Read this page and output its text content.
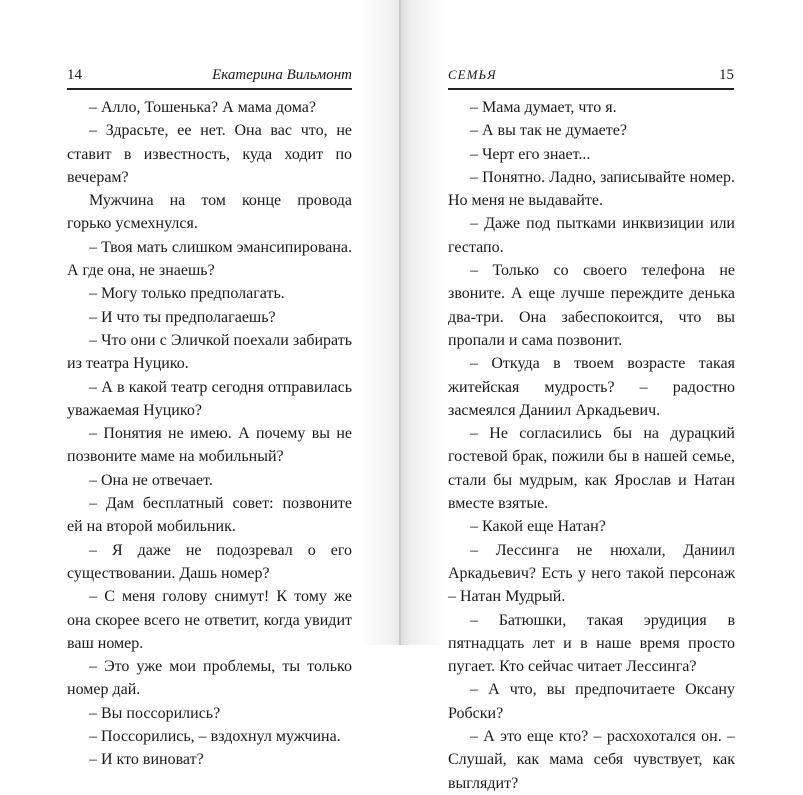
14	Екатерина Вильмонт

– Алло, Тошенька? А мама дома?

– Здрасьте, ее нет. Она вас что, не ставит в известность, куда ходит по вечерам?

Мужчина на том конце провода горько усмехнулся.

– Твоя мать слишком эмансипирована. А где она, не знаешь?

– Могу только предполагать.

– И что ты предполагаешь?

– Что они с Эличкой поехали забирать из театра Нуцико.

– А в какой театр сегодня отправилась уважаемая Нуцико?

– Понятия не имею. А почему вы не позвоните маме на мобильный?

– Она не отвечает.

– Дам бесплатный совет: позвоните ей на второй мобильник.

– Я даже не подозревал о его существовании. Дашь номер?

– С меня голову снимут! К тому же она скорее всего не ответит, когда увидит ваш номер.

– Это уже мои проблемы, ты только номер дай.

– Вы поссорились?

– Поссорились, – вздохнул мужчина.

– И кто виноват?

СЕМЬЯ	15

– Мама думает, что я.

– А вы так не думаете?

– Черт его знает...

– Понятно. Ладно, записывайте номер. Но меня не выдавайте.

– Даже под пытками инквизиции или гестапо.

– Только со своего телефона не звоните. А еще лучше переждите денька два-три. Она забеспокоится, что вы пропали и сама позвонит.

– Откуда в твоем возрасте такая житейская мудрость? – радостно засмеялся Даниил Аркадьевич.

– Не согласились бы на дурацкий гостевой брак, пожили бы в нашей семье, стали бы мудрым, как Ярослав и Натан вместе взятые.

– Какой еще Натан?

– Лессинга не нюхали, Даниил Аркадьевич? Есть у него такой персонаж – Натан Мудрый.

– Батюшки, такая эрудиция в пятнадцать лет и в наше время просто пугает. Кто сейчас читает Лессинга?

– А что, вы предпочитаете Оксану Робски?

– А это еще кто? – расхохотался он. – Слушай, как мама себя чувствует, как выглядит?
